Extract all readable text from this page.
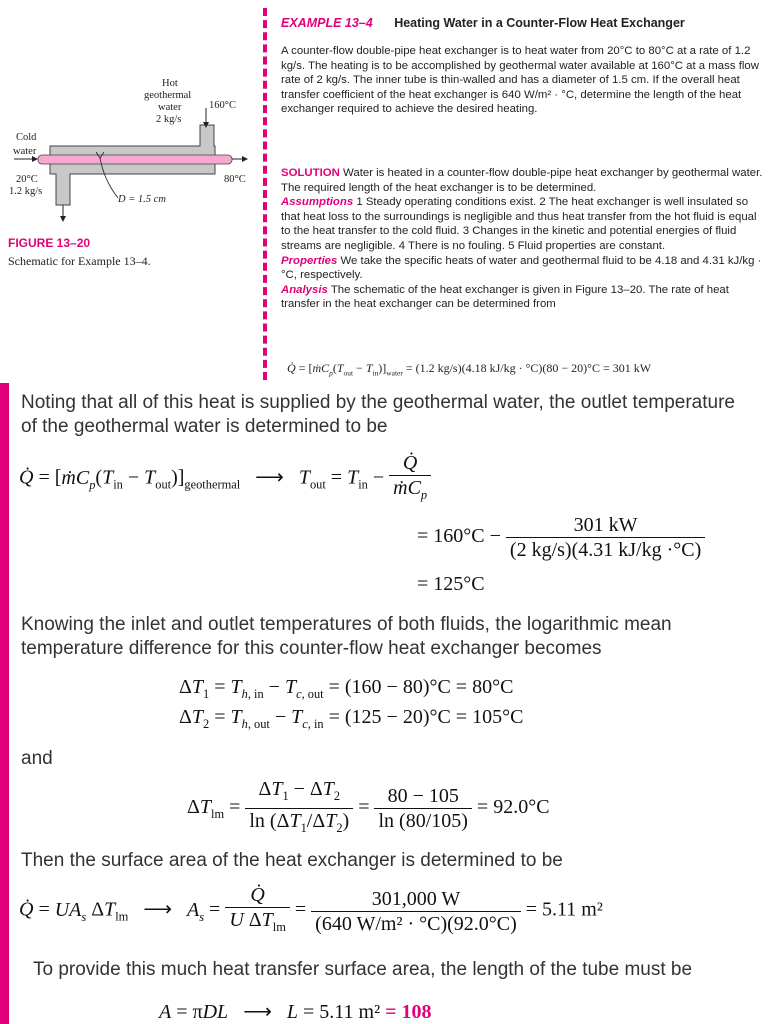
Hot
geothermal
water
2 kg/s
160°C
Cold
water
20°C
1.2 kg/s
80°C
D = 1.5 cm
FIGURE 13–20
Schematic for Example 13–4.
EXAMPLE 13–4 Heating Water in a Counter-Flow Heat Exchanger
A counter-flow double-pipe heat exchanger is to heat water from 20°C to 80°C at a rate of 1.2 kg/s. The heating is to be accomplished by geothermal water available at 160°C at a mass flow rate of 2 kg/s. The inner tube is thin-walled and has a diameter of 1.5 cm. If the overall heat transfer coefficient of the heat exchanger is 640 W/m² · °C, determine the length of the heat exchanger required to achieve the desired heating.
SOLUTION Water is heated in a counter-flow double-pipe heat exchanger by geothermal water. The required length of the heat exchanger is to be determined.
Assumptions 1 Steady operating conditions exist. 2 The heat exchanger is well insulated so that heat loss to the surroundings is negligible and thus heat transfer from the hot fluid is equal to the heat transfer to the cold fluid. 3 Changes in the kinetic and potential energies of fluid streams are negligible. 4 There is no fouling. 5 Fluid properties are constant.
Properties We take the specific heats of water and geothermal fluid to be 4.18 and 4.31 kJ/kg · °C, respectively.
Analysis The schematic of the heat exchanger is given in Figure 13–20. The rate of heat transfer in the heat exchanger can be determined from
Q̇ = $[ṁC_p(T_{out} - T_{in})]_{water} = (1.2$ kg/s)(4.18 kJ/kg · °C)(80 − 20)°C = 301 kW
Noting that all of this heat is supplied by the geothermal water, the outlet temperature of the geothermal water is determined to be
Q̇ = $[ṁC_p(T_{in} - T_{out})]_{geothermal}$   ⟶   $T_{out} = T_{in} - \frac{Q̇}{ṁC_p}$
= $160^\circ C - \frac{301 kW}{(2 kg/s)(4.31 kJ/kg \cdot^\circ C)}$
= 125°C
Knowing the inlet and outlet temperatures of both fluids, the logarithmic mean temperature difference for this counter-flow heat exchanger becomes
$\Delta T_1 = T_{h, in} - T_{c, out} = (160 - 80)^\circ C = 80^\circ C$
$\Delta T_2 = T_{h, out} - T_{c, in} = (125 - 20)^\circ C = 105^\circ C$
and
$\Delta T_{lm} = \frac{\Delta T_1 - \Delta T_2}{\ln (\Delta T_1/\Delta T_2)} = \frac{80 - 105}{\ln (80/105)} = 92.0^\circ C$
Then the surface area of the heat exchanger is determined to be
Q̇ = $UA_s$ $\Delta T_{lm}$   ⟶   $A_s = \frac{Q̇}{U \Delta T_{lm}} = \frac{301,000 W}{\text{(640 W/m² · °C)(92.0°C)}} = 5.11$ m²
To provide this much heat transfer surface area, the length of the tube must be
A = πDL   ⟶   L = 5.11 m² = 108
